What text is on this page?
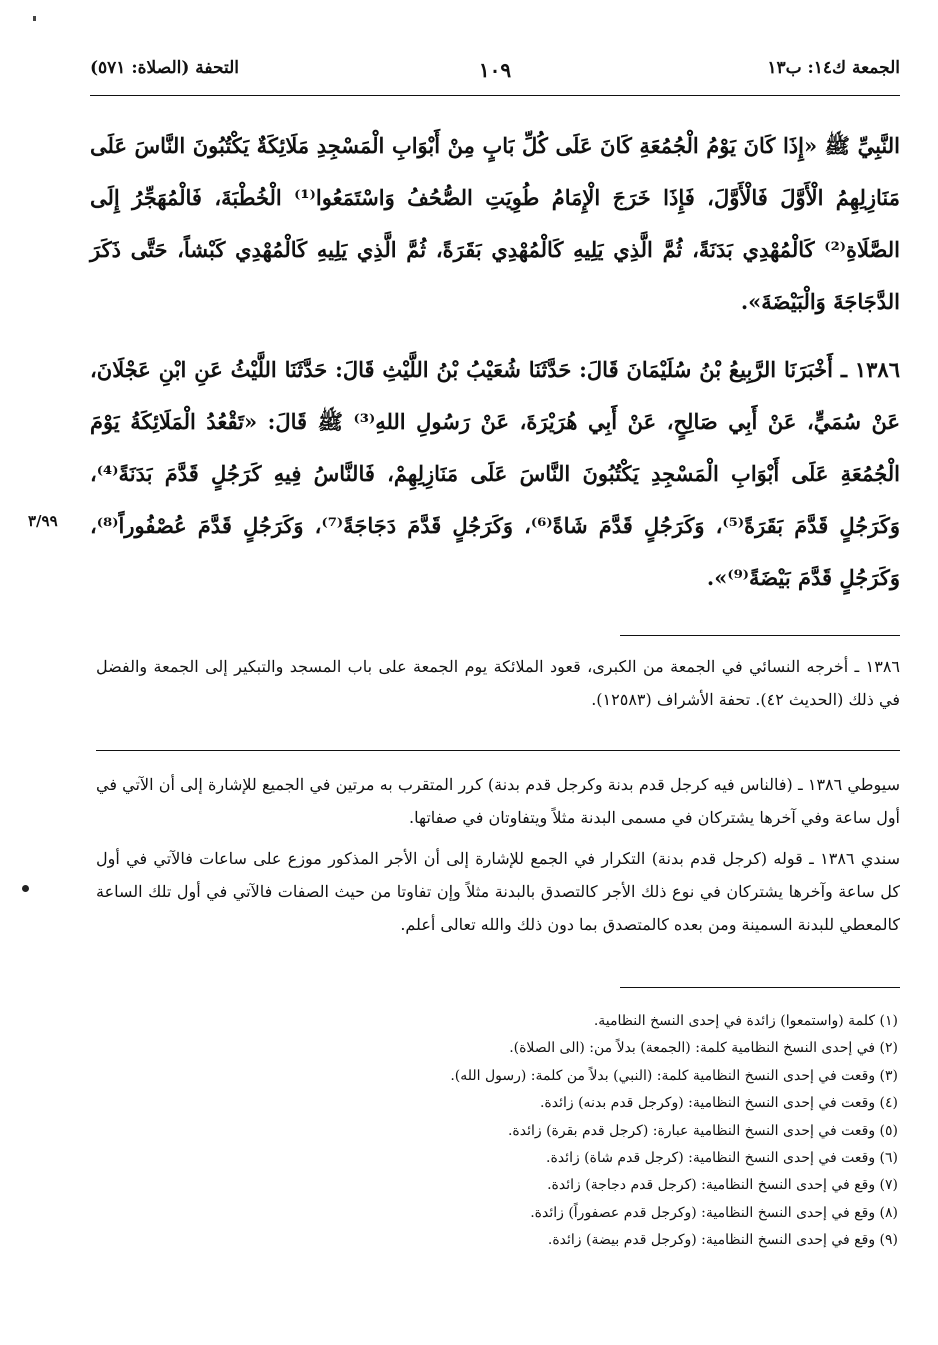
الجمعة ك١٤: ب١٣
١٠٩
التحفة (الصلاة: ٥٧١)
النَّبِيِّ ﷺ «إِذَا كَانَ يَوْمُ الْجُمُعَةِ كَانَ عَلَى كُلِّ بَابٍ مِنْ أَبْوَابِ الْمَسْجِدِ مَلَائِكَةٌ يَكْتُبُونَ النَّاسَ عَلَى مَنَازِلِهِمُ الْأَوَّلَ فَالْأَوَّلَ، فَإِذَا خَرَجَ الْإِمَامُ طُوِيَتِ الصُّحُفُ وَاسْتَمَعُوا⁽¹⁾ الْخُطْبَةَ، فَالْمُهَجِّرُ إِلَى الصَّلَاةِ⁽²⁾ كَالْمُهْدِي بَدَنَةً، ثُمَّ الَّذِي يَلِيهِ كَالْمُهْدِي بَقَرَةً، ثُمَّ الَّذِي يَلِيهِ كَالْمُهْدِي كَبْشاً، حَتَّى ذَكَرَ الدَّجَاجَةَ وَالْبَيْضَةَ».
١٣٨٦ ـ أَخْبَرَنَا الرَّبِيعُ بْنُ سُلَيْمَانَ قَالَ: حَدَّثَنَا شُعَيْبُ بْنُ اللَّيْثِ قَالَ: حَدَّثَنَا اللَّيْثُ عَنِ ابْنِ عَجْلَانَ، عَنْ سُمَيٍّ، عَنْ أَبِي صَالِحٍ، عَنْ أَبِي هُرَيْرَةَ، عَنْ رَسُولِ اللهِ⁽³⁾ ﷺ قَالَ: «تَقْعُدُ الْمَلَائِكَةُ يَوْمَ الْجُمُعَةِ عَلَى أَبْوَابِ الْمَسْجِدِ يَكْتُبُونَ النَّاسَ عَلَى مَنَازِلِهِمْ، فَالنَّاسُ فِيهِ كَرَجُلٍ قَدَّمَ بَدَنَةً⁽⁴⁾، وَكَرَجُلٍ قَدَّمَ بَقَرَةً⁽⁵⁾، وَكَرَجُلٍ قَدَّمَ شَاةً⁽⁶⁾، وَكَرَجُلٍ قَدَّمَ دَجَاجَةً⁽⁷⁾، وَكَرَجُلٍ قَدَّمَ عُصْفُوراً⁽⁸⁾، وَكَرَجُلٍ قَدَّمَ بَيْضَةً⁽⁹⁾».
٣/٩٩
١٣٨٦ ـ أخرجه النسائي في الجمعة من الكبرى، قعود الملائكة يوم الجمعة على باب المسجد والتبكير إلى الجمعة والفضل في ذلك (الحديث ٤٢). تحفة الأشراف (١٢٥٨٣).

سيوطي ١٣٨٦ ـ (فالناس فيه كرجل قدم بدنة وكرجل قدم بدنة) كرر المتقرب به مرتين في الجميع للإشارة إلى أن الآتي في أول ساعة وفي آخرها يشتركان في مسمى البدنة مثلاً ويتفاوتان في صفاتها.

سندي ١٣٨٦ ـ قوله (كرجل قدم بدنة) التكرار في الجمع للإشارة إلى أن الأجر المذكور موزع على ساعات فالآتي في أول كل ساعة وآخرها يشتركان في نوع ذلك الأجر كالتصدق بالبدنة مثلاً وإن تفاوتا من حيث الصفات فالآتي في أول تلك الساعة كالمعطي للبدنة السمينة ومن بعده كالمتصدق بما دون ذلك والله تعالى أعلم.

(١) كلمة (واستمعوا) زائدة في إحدى النسخ النظامية.
(٢) في إحدى النسخ النظامية كلمة: (الجمعة) بدلاً من: (الى الصلاة).
(٣) وقعت في إحدى النسخ النظامية كلمة: (النبي) بدلاً من كلمة: (رسول الله).
(٤) وقعت في إحدى النسخ النظامية: (وكرجل قدم بدنه) زائدة.
(٥) وقعت في إحدى النسخ النظامية عبارة: (كرجل قدم بقرة) زائدة.
(٦) وقعت في إحدى النسخ النظامية: (كرجل قدم شاة) زائدة.
(٧) وقع في إحدى النسخ النظامية: (كرجل قدم دجاجة) زائدة.
(٨) وقع في إحدى النسخ النظامية: (وكرجل قدم عصفوراً) زائدة.
(٩) وقع في إحدى النسخ النظامية: (وكرجل قدم بيضة) زائدة.
